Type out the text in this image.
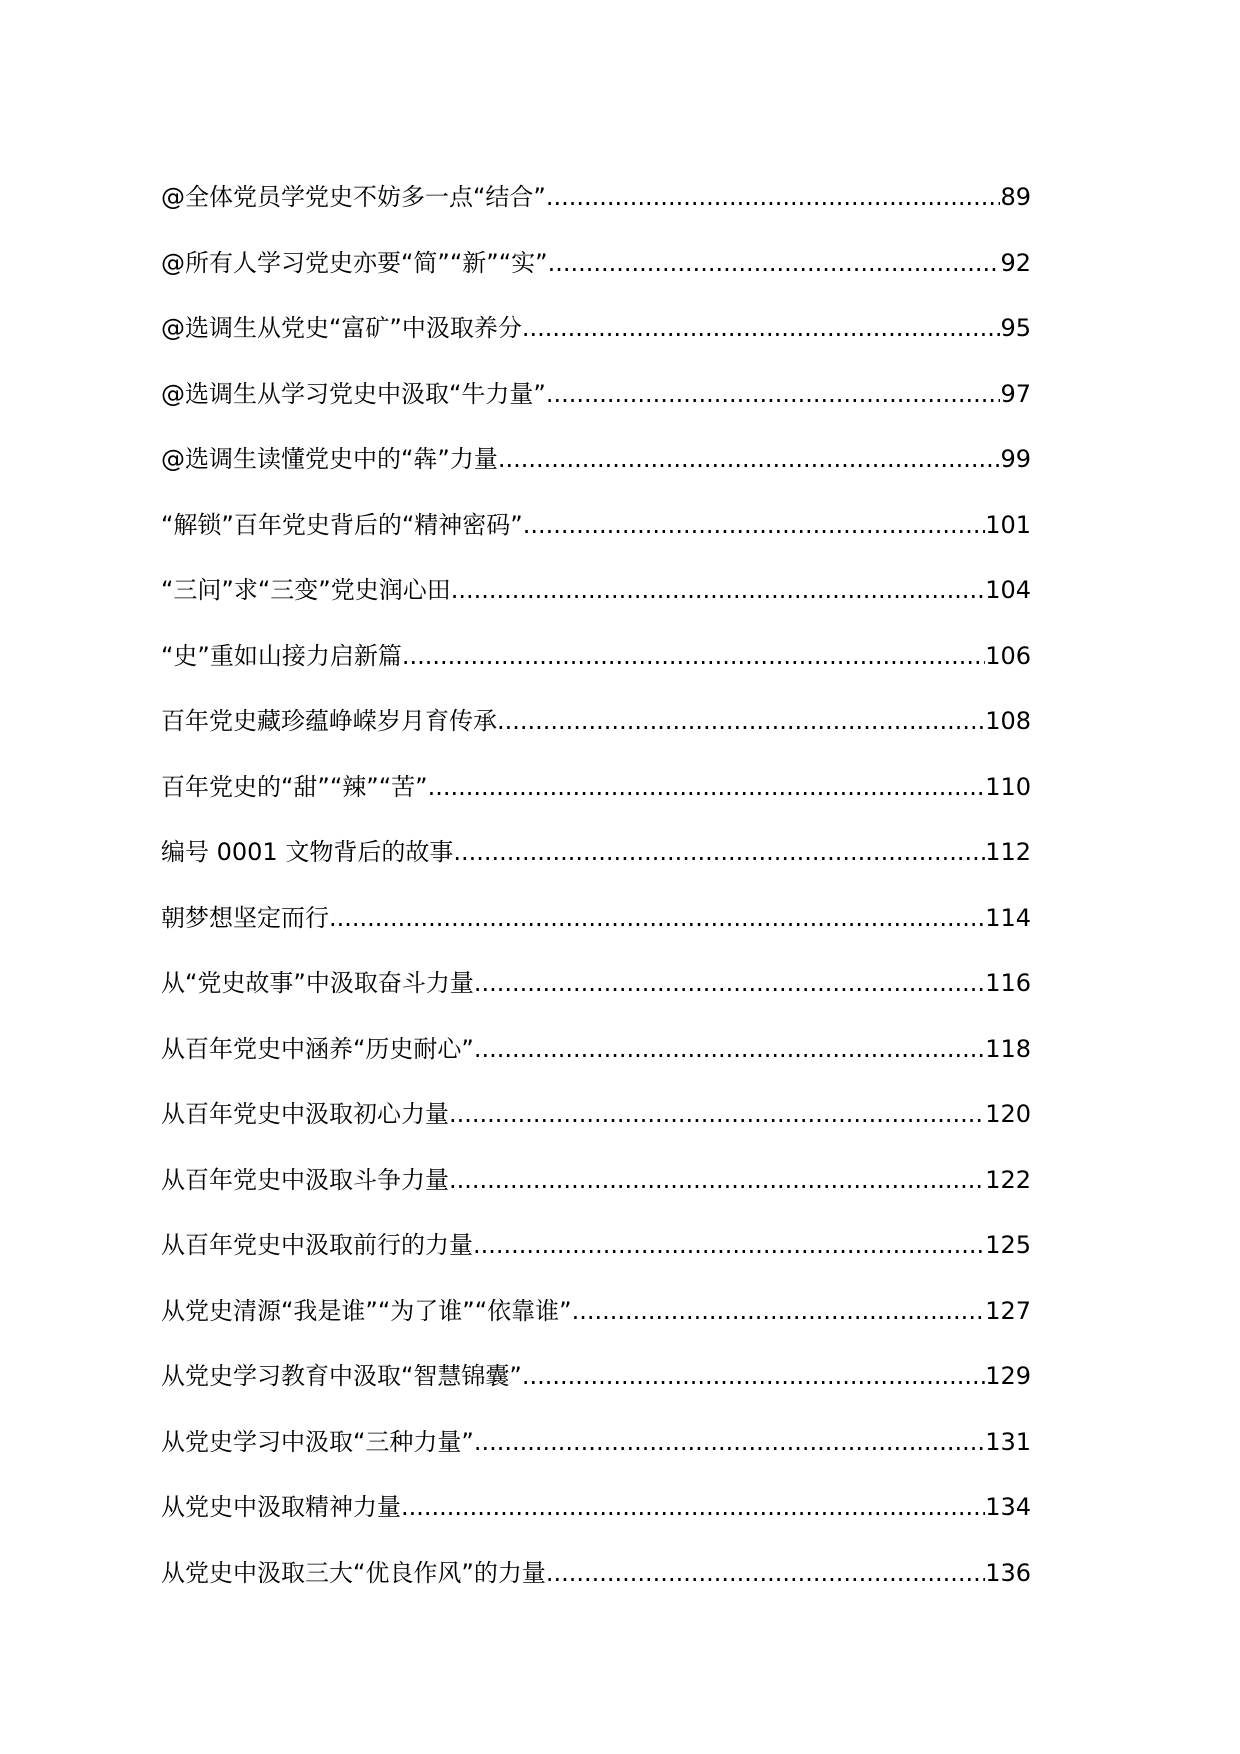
@全体党员学党史不妨多一点“结合” .....	89
@所有人学习党史亦要“简”“新”“实” .....	92
@选调生从党史“富矿”中汲取养分 .....	95
@选调生从学习党史中汲取“牛力量” .....	97
@选调生读懂党史中的“犇”力量 .....	99
“解锁”百年党史背后的“精神密码” .....	101
“三问”求“三变”党史润心田 .....	104
“史”重如山接力启新篇 .....	106
百年党史藏珍蕴峥嵘岁月育传承 .....	108
百年党史的“甜”“辣”“苦” .....	110
编号 0001 文物背后的故事 .....	112
朝梦想坚定而行 .....	114
从“党史故事”中汲取奋斗力量 .....	116
从百年党史中涵养“历史耐心” .....	118
从百年党史中汲取初心力量 .....	120
从百年党史中汲取斗争力量 .....	122
从百年党史中汲取前行的力量 .....	125
从党史清源“我是谁”“为了谁”“依靠谁” .....	127
从党史学习教育中汲取“智慧锦囊” .....	129
从党史学习中汲取“三种力量” .....	131
从党史中汲取精神力量 .....	134
从党史中汲取三大“优良作风”的力量 .....	136
